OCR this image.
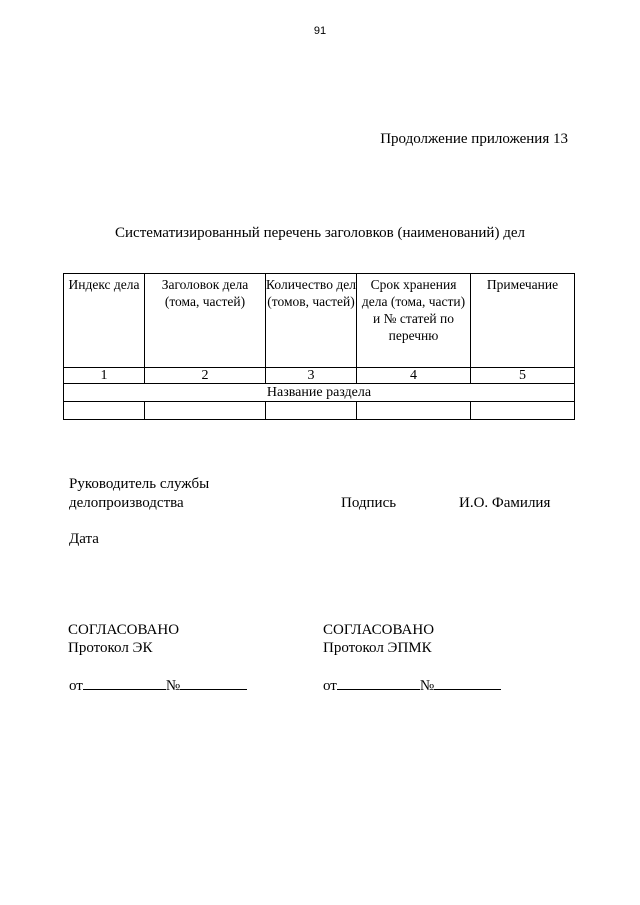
91
Продолжение приложения 13
Систематизированный перечень заголовков (наименований) дел
Индекс дела	Заголовок дела (тома, частей)	Количество дел (томов, частей)	Срок хранения дела (тома, части) и № статей по перечню	Примечание
1	2	3	4	5
Название раздела				

Руководитель службы
делопроизводства	Подпись	И.О. Фамилия
Дата
СОГЛАСОВАНО
Протокол ЭК
СОГЛАСОВАНО
Протокол ЭПМК
от	№	от	№
